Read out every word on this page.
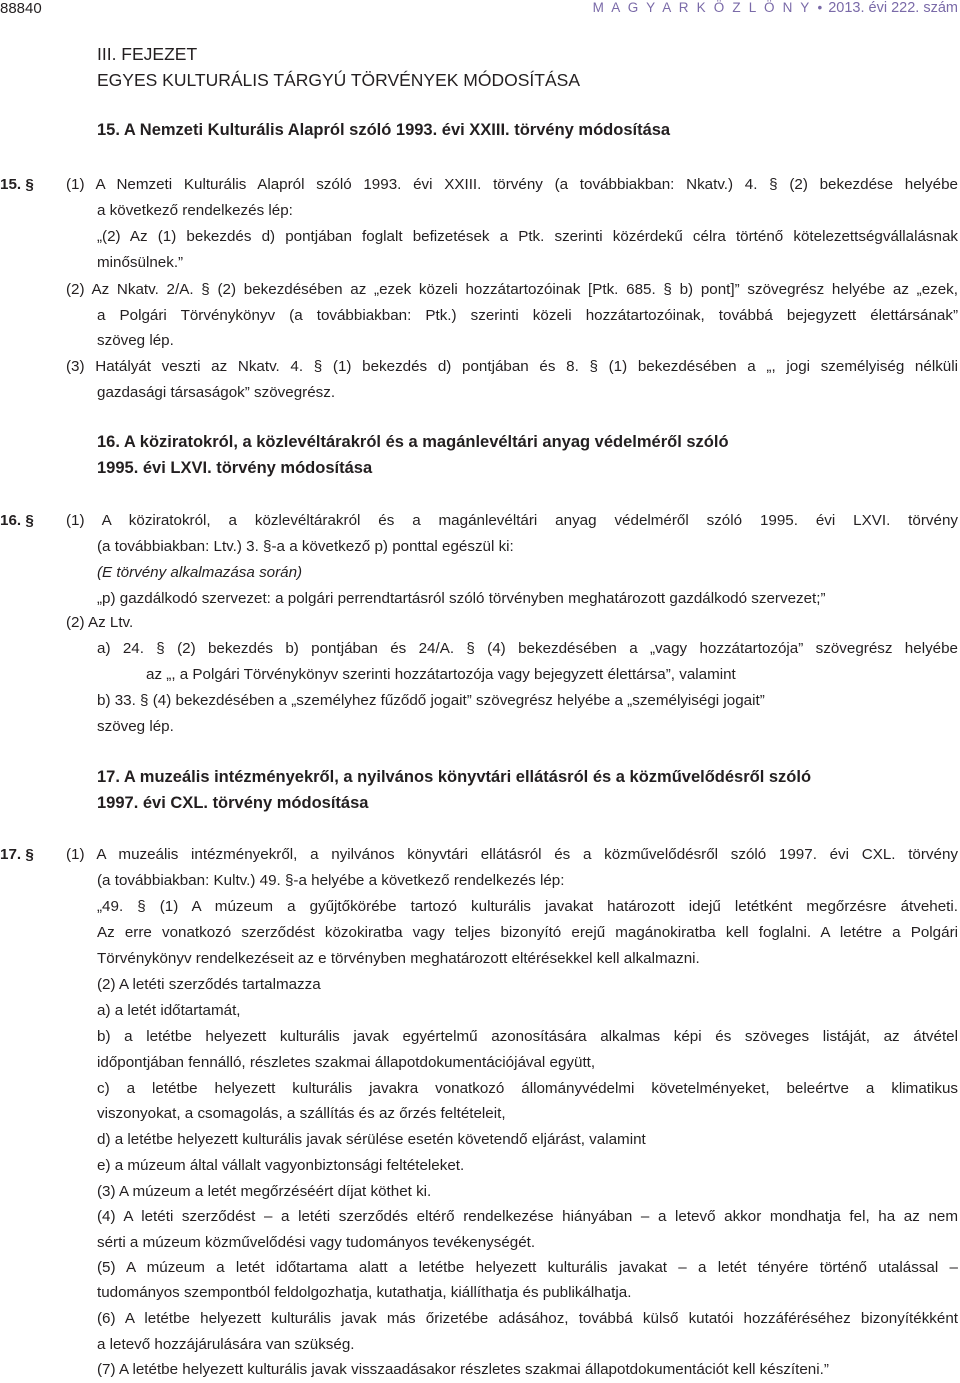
88840	M A G Y A R K Ö Z L Ö N Y • 2013. évi 222. szám
III. FEJEZET
EGYES KULTURÁLIS TÁRGYÚ TÖRVÉNYEK MÓDOSÍTÁSA
15. A Nemzeti Kulturális Alapról szóló 1993. évi XXIII. törvény módosítása
15. § (1) A Nemzeti Kulturális Alapról szóló 1993. évi XXIII. törvény (a továbbiakban: Nkatv.) 4. § (2) bekezdése helyébe
a következő rendelkezés lép:
„(2) Az (1) bekezdés d) pontjában foglalt befizetések a Ptk. szerinti közérdekű célra történő kötelezettségvállalásnak
minősülnek.”
(2) Az Nkatv. 2/A. § (2) bekezdésében az „ezek közeli hozzátartozóinak [Ptk. 685. § b) pont]” szövegrész helyébe az „ezek,
a Polgári Törvénykönyv (a továbbiakban: Ptk.) szerinti közeli hozzátartozóinak, továbbá bejegyzett élettársának”
szöveg lép.
(3) Hatályát veszti az Nkatv. 4. § (1) bekezdés d) pontjában és 8. § (1) bekezdésében a „, jogi személyiség nélküli
gazdasági társaságok” szövegrész.
16. A köziratokról, a közlevéltárakról és a magánlevéltári anyag védelméről szóló
1995. évi LXVI. törvény módosítása
16. § (1) A köziratokról, a közlevéltárakról és a magánlevéltári anyag védelméről szóló 1995. évi LXVI. törvény
(a továbbiakban: Ltv.) 3. §-a a következő p) ponttal egészül ki:
(E törvény alkalmazása során)
„p) gazdálkodó szervezet: a polgári perrendtartásról szóló törvényben meghatározott gazdálkodó szervezet;”
(2) Az Ltv.
a) 24. § (2) bekezdés b) pontjában és 24/A. § (4) bekezdésében a „vagy hozzátartozója” szövegrész helyébe
az „, a Polgári Törvénykönyv szerinti hozzátartozója vagy bejegyzett élettársa”, valamint
b) 33. § (4) bekezdésében a „személyhez fűződő jogait” szövegrész helyébe a „személyiségi jogait”
szöveg lép.
17. A muzeális intézményekről, a nyilvános könyvtári ellátásról és a közművelődésről szóló
1997. évi CXL. törvény módosítása
17. § (1) A muzeális intézményekről, a nyilvános könyvtári ellátásról és a közművelődésről szóló 1997. évi CXL. törvény
(a továbbiakban: Kultv.) 49. §-a helyébe a következő rendelkezés lép:
„49. § (1) A múzeum a gyűjtőkörébe tartozó kulturális javakat határozott idejű letétként megőrzésre átveheti.
Az erre vonatkozó szerződést közokiratba vagy teljes bizonyító erejű magánokiratba kell foglalni. A letétre a Polgári
Törvénykönyv rendelkezéseit az e törvényben meghatározott eltérésekkel kell alkalmazni.
(2) A letéti szerződés tartalmazza
a) a letét időtartamát,
b) a letétbe helyezett kulturális javak egyértelmű azonosítására alkalmas képi és szöveges listáját, az átvétel
időpontjában fennálló, részletes szakmai állapotdokumentációjával együtt,
c) a letétbe helyezett kulturális javakra vonatkozó állományvédelmi követelményeket, beleértve a klimatikus
viszonyokat, a csomagolás, a szállítás és az őrzés feltételeit,
d) a letétbe helyezett kulturális javak sérülése esetén követendő eljárást, valamint
e) a múzeum által vállalt vagyonbiztonsági feltételeket.
(3) A múzeum a letét megőrzéséért díjat köthet ki.
(4) A letéti szerződést – a letéti szerződés eltérő rendelkezése hiányában – a letevő akkor mondhatja fel, ha az nem
sérti a múzeum közművelődési vagy tudományos tevékenységét.
(5) A múzeum a letét időtartama alatt a letétbe helyezett kulturális javakat – a letét tényére történő utalással –
tudományos szempontból feldolgozhatja, kutathatja, kiállíthatja és publikálhatja.
(6) A letétbe helyezett kulturális javak más őrizetébe adásához, továbbá külső kutatói hozzáféréséhez bizonyítékként
a letevő hozzájárulására van szükség.
(7) A letétbe helyezett kulturális javak visszaadásakor részletes szakmai állapotdokumentációt kell készíteni.”
